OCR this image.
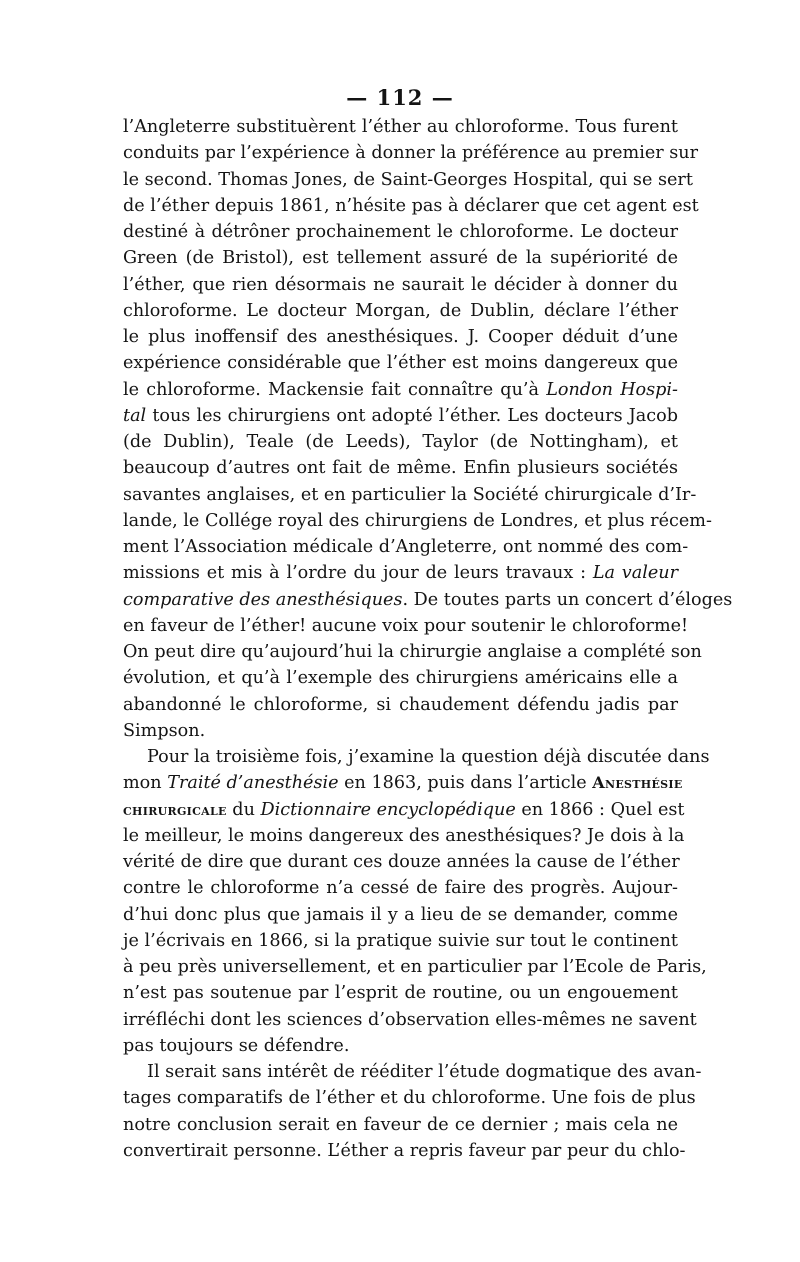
— 112 —
l’Angleterre substituèrent l’éther au chloroforme. Tous furent
conduits par l’expérience à donner la préférence au premier sur
le second. Thomas Jones, de Saint-Georges Hospital, qui se sert
de l’éther depuis 1861, n’hésite pas à déclarer que cet agent est
destiné à détrôner prochainement le chloroforme. Le docteur
Green (de Bristol), est tellement assuré de la supériorité de
l’éther, que rien désormais ne saurait le décider à donner du
chloroforme. Le docteur Morgan, de Dublin, déclare l’éther
le plus inoffensif des anesthésiques. J. Cooper déduit d’une
expérience considérable que l’éther est moins dangereux que
le chloroforme. Mackensie fait connaître qu’à London Hospi-
tal tous les chirurgiens ont adopté l’éther. Les docteurs Jacob
(de Dublin), Teale (de Leeds), Taylor (de Nottingham), et
beaucoup d’autres ont fait de même. Enfin plusieurs sociétés
savantes anglaises, et en particulier la Société chirurgicale d’Ir-
lande, le Collége royal des chirurgiens de Londres, et plus récem-
ment l’Association médicale d’Angleterre, ont nommé des com-
missions et mis à l’ordre du jour de leurs travaux : La valeur
comparative des anesthésiques. De toutes parts un concert d’éloges
en faveur de l’éther! aucune voix pour soutenir le chloroforme!
On peut dire qu’aujourd’hui la chirurgie anglaise a complété son
évolution, et qu’à l’exemple des chirurgiens américains elle a
abandonné le chloroforme, si chaudement défendu jadis par
Simpson.
Pour la troisième fois, j’examine la question déjà discutée dans
mon Traité d’anesthésie en 1863, puis dans l’article Anesthésie
chirurgicale du Dictionnaire encyclopédique en 1866 : Quel est
le meilleur, le moins dangereux des anesthésiques? Je dois à la
vérité de dire que durant ces douze années la cause de l’éther
contre le chloroforme n’a cessé de faire des progrès. Aujour-
d’hui donc plus que jamais il y a lieu de se demander, comme
je l’écrivais en 1866, si la pratique suivie sur tout le continent
à peu près universellement, et en particulier par l’Ecole de Paris,
n’est pas soutenue par l’esprit de routine, ou un engouement
irréfléchi dont les sciences d’observation elles-mêmes ne savent
pas toujours se défendre.
Il serait sans intérêt de rééditer l’étude dogmatique des avan-
tages comparatifs de l’éther et du chloroforme. Une fois de plus
notre conclusion serait en faveur de ce dernier ; mais cela ne
convertirait personne. L’éther a repris faveur par peur du chlo-
